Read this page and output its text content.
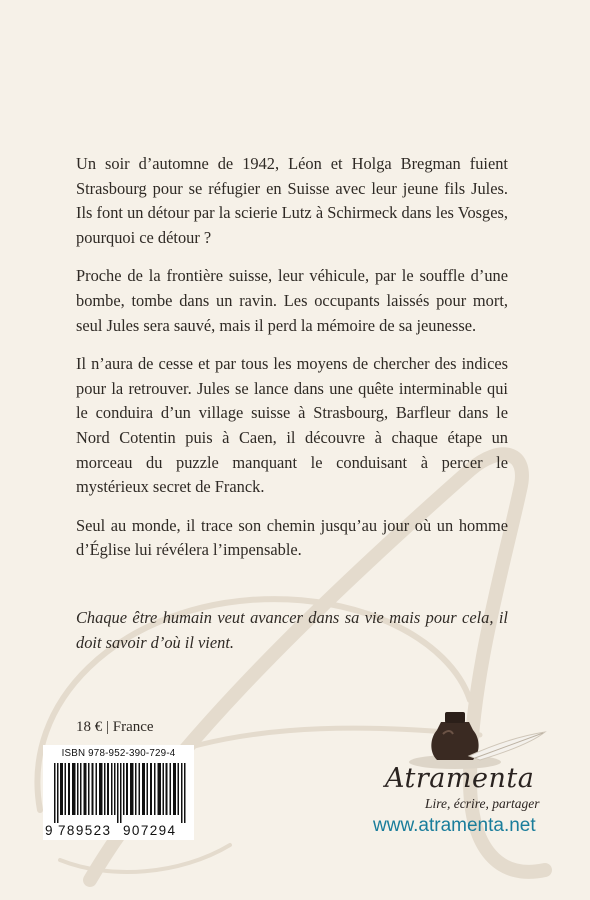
Un soir d’automne de 1942, Léon et Holga Bregman fuient Strasbourg pour se réfugier en Suisse avec leur jeune fils Jules. Ils font un détour par la scierie Lutz à Schirmeck dans les Vosges, pourquoi ce détour ?

Proche de la frontière suisse, leur véhicule, par le souffle d’une bombe, tombe dans un ravin. Les occupants laissés pour mort, seul Jules sera sauvé, mais il perd la mémoire de sa jeunesse.

Il n’aura de cesse et par tous les moyens de chercher des indices pour la retrouver. Jules se lance dans une quête interminable qui le conduira d’un village suisse à Strasbourg, Barfleur dans le Nord Cotentin puis à Caen, il découvre à chaque étape un morceau du puzzle manquant le conduisant à percer le mystérieux secret de Franck.

Seul au monde, il trace son chemin jusqu’au jour où un homme d’Église lui révélera l’impensable.

Chaque être humain veut avancer dans sa vie mais pour cela, il doit savoir d’où il vient.
18 € | France
ISBN 978-952-390-729-4
9 789523 907294
Atramenta
Lire, écrire, partager
www.atramenta.net
